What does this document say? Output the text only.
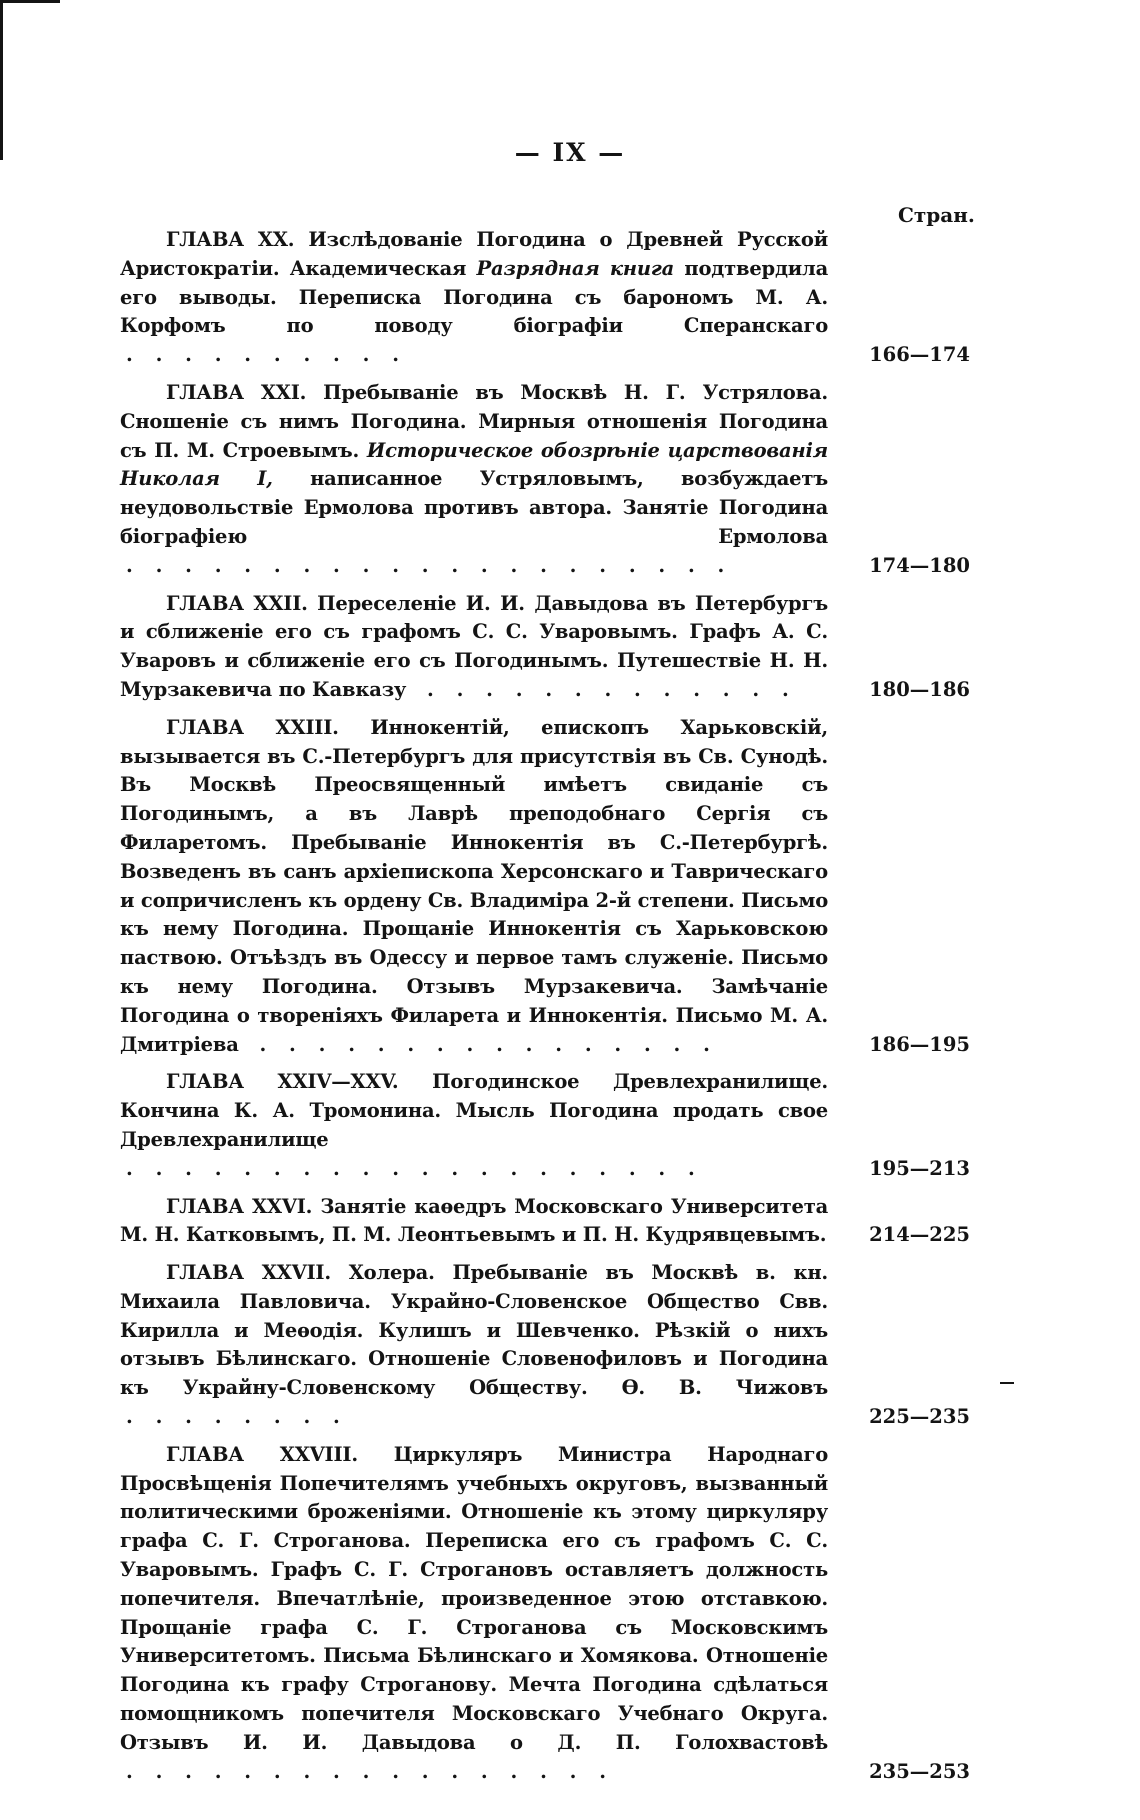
— IX —
Стран.

ГЛАВА XX. Изслѣдованіе Погодина о Древней Русской Аристократіи. Академическая Разрядная книга подтвердила его выводы. Переписка Погодина съ барономъ М. А. Корфомъ по поводу біографіи Сперанскаго . . . . . . . . . .	166—174

ГЛАВА XXI. Пребываніе въ Москвѣ Н. Г. Устрялова. Сношеніе съ нимъ Погодина. Мирныя отношенія Погодина съ П. М. Строевымъ. Историческое обозрѣніе царствованія Николая I, написанное Устряловымъ, возбуждаетъ неудовольствіе Ермолова противъ автора. Занятіе Погодина біографіею Ермолова . . . . . . . . . . . . . . . . . . . . .	174—180

ГЛАВА XXII. Переселеніе И. И. Давыдова въ Петербургъ и сближеніе его съ графомъ С. С. Уваровымъ. Графъ А. С. Уваровъ и сближеніе его съ Погодинымъ. Путешествіе Н. Н. Мурзакевича по Кавказу . . . . . . . . . . . . .	180—186

ГЛАВА XXIII. Иннокентій, епископъ Харьковскій, вызывается въ С.-Петербургъ для присутствія въ Св. Сунодѣ. Въ Москвѣ Преосвященный имѣетъ свиданіе съ Погодинымъ, а въ Лаврѣ преподобнаго Сергія съ Филаретомъ. Пребываніе Иннокентія въ С.-Петербургѣ. Возведенъ въ санъ архіепископа Херсонскаго и Таврическаго и сопричисленъ къ ордену Св. Владиміра 2-й степени. Письмо къ нему Погодина. Прощаніе Иннокентія съ Харьковскою паствою. Отъѣздъ въ Одессу и первое тамъ служеніе. Письмо къ нему Погодина. Отзывъ Мурзакевича. Замѣчаніе Погодина о твореніяхъ Филарета и Иннокентія. Письмо М. А. Дмитріева . . . . . . . . . . . . . . . .	186—195

ГЛАВА XXIV—XXV. Погодинское Древлехранилище. Кончина К. А. Тромонина. Мысль Погодина продать свое Древлехранилище . . . . . . . . . . . . . . . . . . . .	195—213

ГЛАВА XXVI. Занятіе каѳедръ Московскаго Университета М. Н. Катковымъ, П. М. Леонтьевымъ и П. Н. Кудрявцевымъ. 214—225

ГЛАВА XXVII. Холера. Пребываніе въ Москвѣ в. кн. Михаила Павловича. Украйно-Словенское Общество Свв. Кирилла и Меѳодія. Кулишъ и Шевченко. Рѣзкій о нихъ отзывъ Бѣлинскаго. Отношеніе Словенофиловъ и Погодина къ Украйну-Словенскому Обществу. Ѳ. В. Чижовъ . . . . . . . .	225—235

ГЛАВА XXVIII. Циркуляръ Министра Народнаго Просвѣщенія Попечителямъ учебныхъ округовъ, вызванный политическими броженіями. Отношеніе къ этому циркуляру графа С. Г. Строганова. Переписка его съ графомъ С. С. Уваровымъ. Графъ С. Г. Строгановъ оставляетъ должность попечителя. Впечатлѣніе, произведенное этою отставкою. Прощаніе графа С. Г. Строганова съ Московскимъ Университетомъ. Письма Бѣлинскаго и Хомякова. Отношеніе Погодина къ графу Строганову. Мечта Погодина сдѣлаться помощникомъ попечителя Московскаго Учебнаго Округа. Отзывъ И. И. Давыдова о Д. П. Голохвастовѣ . . . . . . . . . . . . . . . . .	235—253
